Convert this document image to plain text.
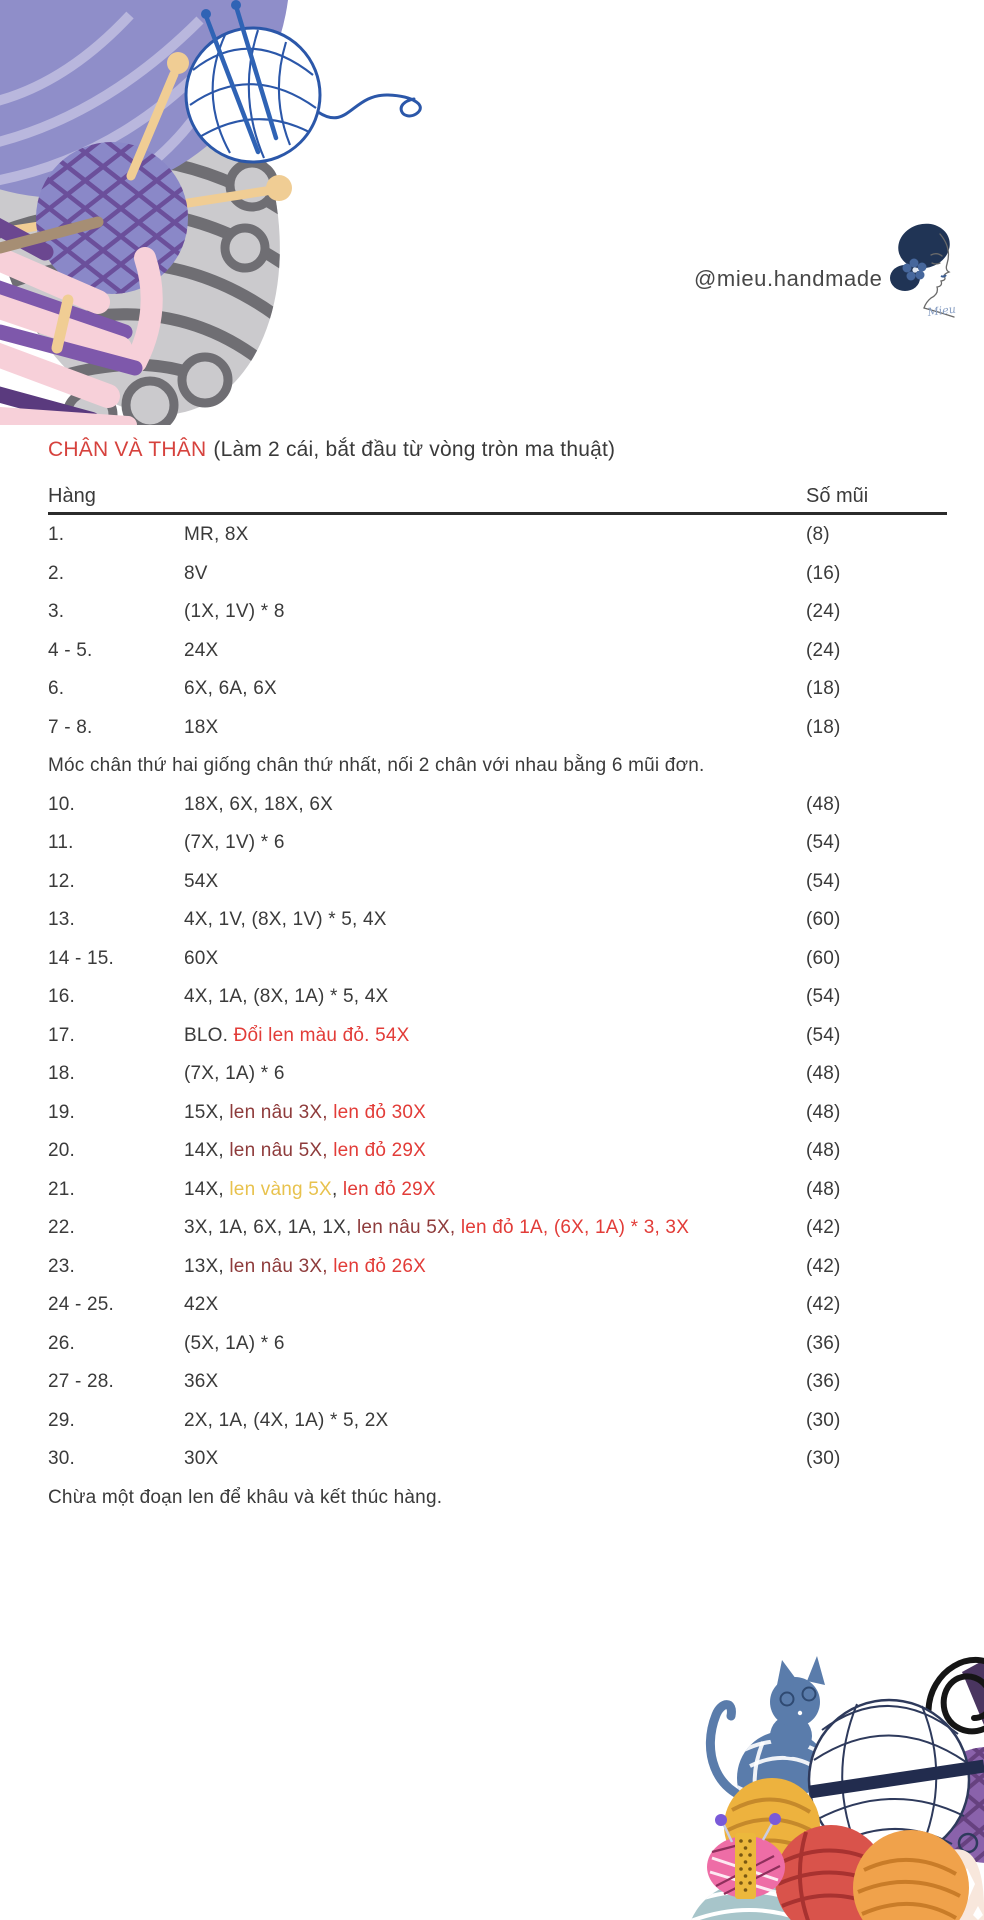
@mieu.handmade
Mieu
CHÂN VÀ THÂN (Làm 2 cái, bắt đầu từ vòng tròn ma thuật)
Hàng	Số mũi
1.	MR, 8X	(8)
2.	8V	(16)
3.	(1X, 1V) * 8	(24)
4 - 5.	24X	(24)
6.	6X, 6A, 6X	(18)
7 - 8.	18X	(18)
Móc chân thứ hai giống chân thứ nhất, nối 2 chân với nhau bằng 6 mũi đơn.
10.	18X, 6X, 18X, 6X	(48)
11.	(7X, 1V) * 6	(54)
12.	54X	(54)
13.	4X, 1V, (8X, 1V) * 5, 4X	(60)
14 - 15.	60X	(60)
16.	4X, 1A, (8X, 1A) * 5, 4X	(54)
17.	BLO. Đổi len màu đỏ. 54X	(54)
18.	(7X, 1A) * 6	(48)
19.	15X, len nâu 3X, len đỏ 30X	(48)
20.	14X, len nâu 5X, len đỏ 29X	(48)
21.	14X, len vàng 5X, len đỏ 29X	(48)
22.	3X, 1A, 6X, 1A, 1X, len nâu 5X, len đỏ 1A, (6X, 1A) * 3, 3X	(42)
23.	13X, len nâu 3X, len đỏ 26X	(42)
24 - 25.	42X	(42)
26.	(5X, 1A) * 6	(36)
27 - 28.	36X	(36)
29.	2X, 1A, (4X, 1A) * 5, 2X	(30)
30.	30X	(30)
Chừa một đoạn len để khâu và kết thúc hàng.
